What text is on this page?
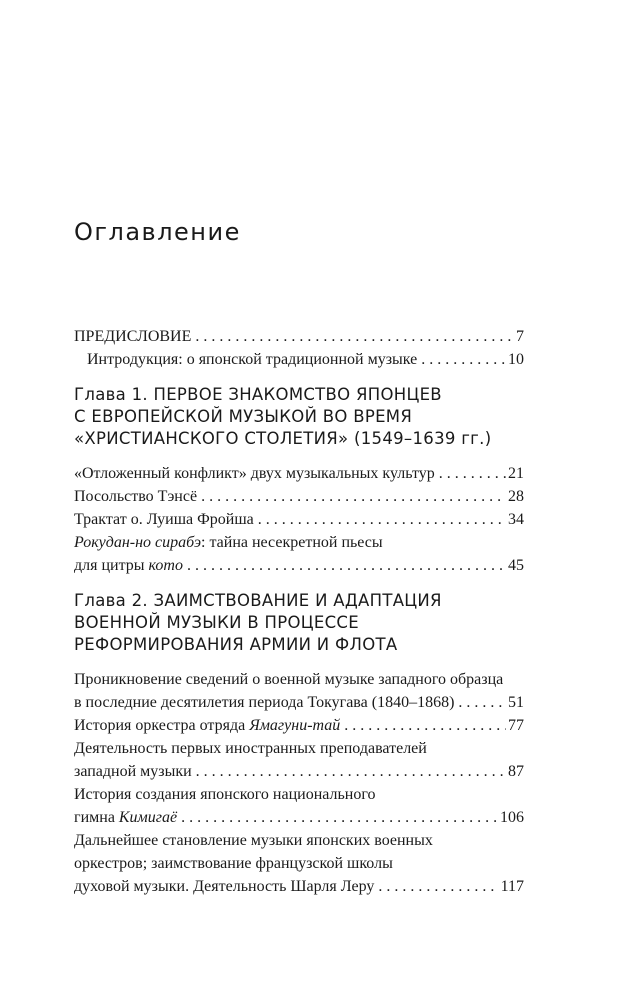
Оглавление
ПРЕДИСЛОВИЕ . . .	7
Интродукция: о японской традиционной музыке . . .	10
Глава 1. ПЕРВОЕ ЗНАКОМСТВО ЯПОНЦЕВ
С ЕВРОПЕЙСКОЙ МУЗЫКОЙ ВО ВРЕМЯ
«ХРИСТИАНСКОГО СТОЛЕТИЯ» (1549–1639 гг.)
«Отложенный конфликт» двух музыкальных культур . . .	21
Посольство Тэнсё . . .	28
Трактат о. Луиша Фройша . . .	34
Рокудан-но сирабэ: тайна несекретной пьесы
для цитры кото . . .	45
Глава 2. ЗАИМСТВОВАНИЕ И АДАПТАЦИЯ
ВОЕННОЙ МУЗЫКИ В ПРОЦЕССЕ
РЕФОРМИРОВАНИЯ АРМИИ И ФЛОТА
Проникновение сведений о военной музыке западного образца
в последние десятилетия периода Токугава (1840–1868) . . .	51
История оркестра отряда Ямагуни-тай . . .	77
Деятельность первых иностранных преподавателей
западной музыки . . .	87
История создания японского национального
гимна Кимигаё . . .	106
Дальнейшее становление музыки японских военных
оркестров; заимствование французской школы
духовой музыки. Деятельность Шарля Леру . . .	117
